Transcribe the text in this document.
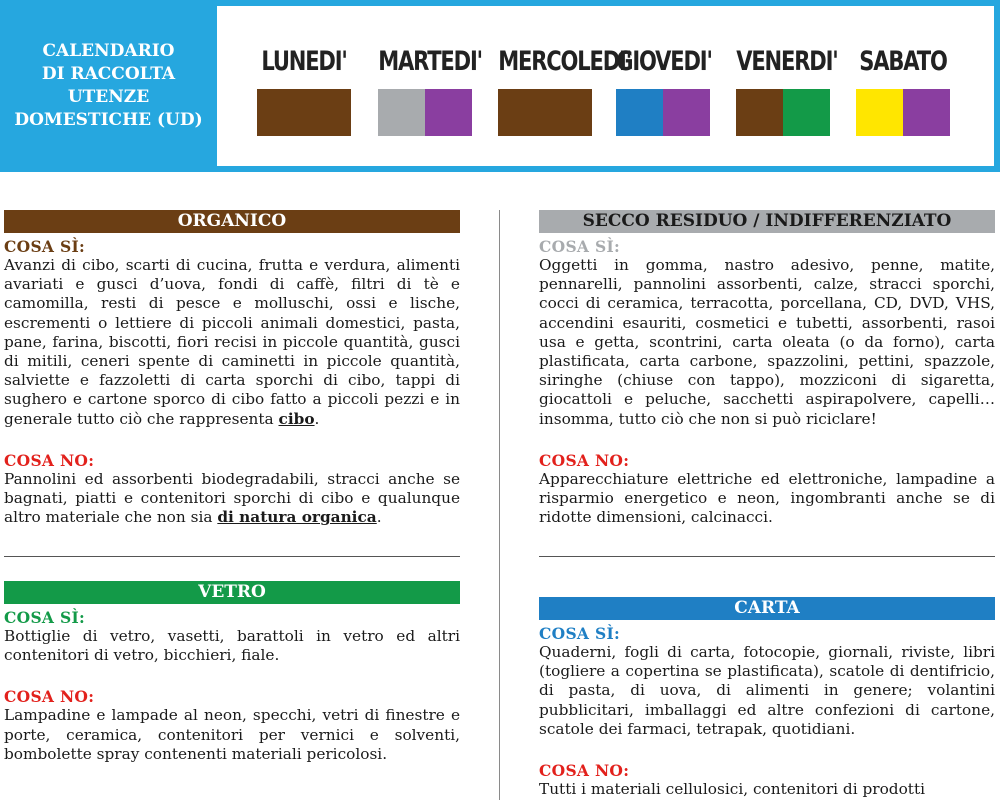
CALENDARIO
DI RACCOLTA
UTENZE
DOMESTICHE (UD)
LUNEDI' MARTEDI' MERCOLEDI'
GIOVEDI' VENERDI' SABATO
ORGANICO
COSA SÌ:
Avanzi di cibo, scarti di cucina, frutta e verdura, alimenti avariati e gusci d’uova, fondi di caffè, filtri di tè e camomilla, resti di pesce e molluschi, ossi e lische, escrementi o lettiere di piccoli animali domestici, pasta, pane, farina, biscotti, fiori recisi in piccole quantità, gusci di mitili, ceneri spente di caminetti in piccole quantità, salviette e fazzoletti di carta sporchi di cibo, tappi di sughero e cartone sporco di cibo fatto a piccoli pezzi e in generale tutto ciò che rappresenta cibo.
COSA NO:
Pannolini ed assorbenti biodegradabili, stracci anche se bagnati, piatti e contenitori sporchi di cibo e qualunque altro materiale che non sia di natura organica.
VETRO
COSA SÌ:
Bottiglie di vetro, vasetti, barattoli in vetro ed altri contenitori di vetro, bicchieri, fiale.
COSA NO:
Lampadine e lampade al neon, specchi, vetri di finestre e porte, ceramica, contenitori per vernici e solventi, bombolette spray contenenti materiali pericolosi.
SECCO RESIDUO / INDIFFERENZIATO
COSA SÌ:
Oggetti in gomma, nastro adesivo, penne, matite, pennarelli, pannolini assorbenti, calze, stracci sporchi, cocci di ceramica, terracotta, porcellana, CD, DVD, VHS, accendini esauriti, cosmetici e tubetti, assorbenti, rasoi usa e getta, scontrini, carta oleata (o da forno), carta plastificata, carta carbone, spazzolini, pettini, spazzole, siringhe (chiuse con tappo), mozziconi di sigaretta, giocattoli e peluche, sacchetti aspirapolvere, capelli…insomma, tutto ciò che non si può riciclare!
COSA NO:
Apparecchiature elettriche ed elettroniche, lampadine a risparmio energetico e neon, ingombranti anche se di ridotte dimensioni, calcinacci.
CARTA
COSA SÌ:
Quaderni, fogli di carta, fotocopie, giornali, riviste, libri (togliere a copertina se plastificata), scatole di dentifricio, di pasta, di uova, di alimenti in genere; volantini pubblicitari, imballaggi ed altre confezioni di cartone, scatole dei farmaci, tetrapak, quotidiani.
COSA NO:
Tutti i materiali cellulosici, contenitori di prodotti
